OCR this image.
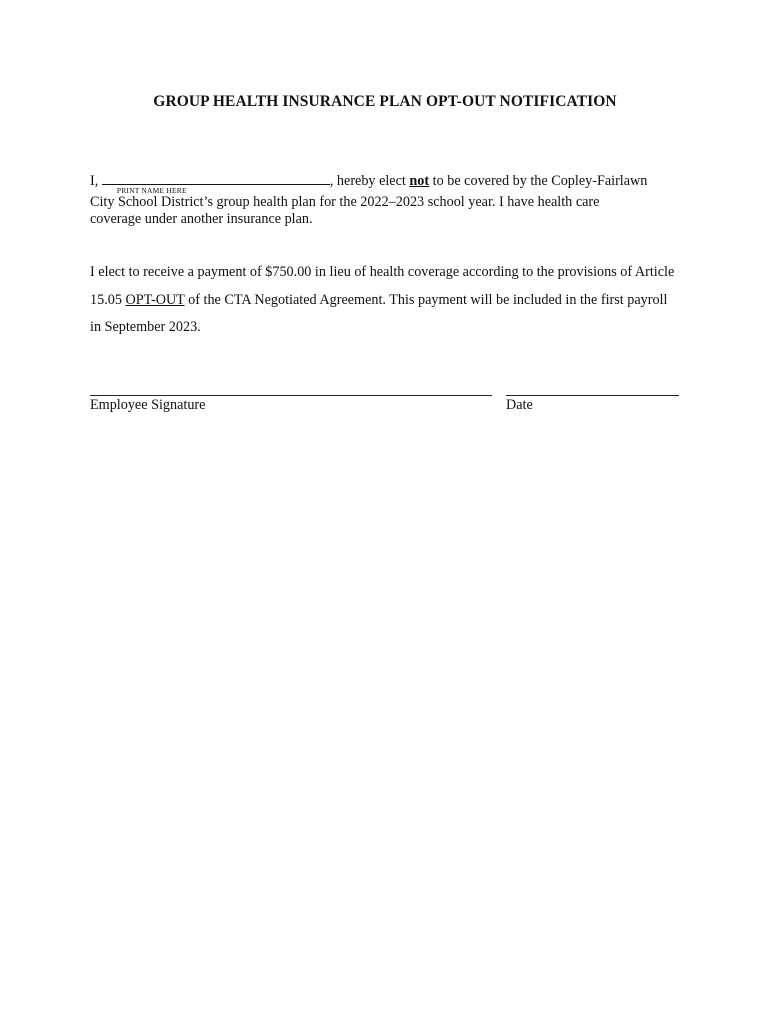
GROUP HEALTH INSURANCE PLAN OPT-OUT NOTIFICATION
I,
PRINT NAME HERE
, hereby elect not to be covered by the Copley-Fairlawn
City School District’s group health plan for the 2022–2023 school year. I have health care
coverage under another insurance plan.
I elect to receive a payment of $750.00 in lieu of health coverage according to the provisions of Article 15.05 OPT-OUT of the CTA Negotiated Agreement. This payment will be included in the first payroll in September 2023.
Employee Signature	Date
